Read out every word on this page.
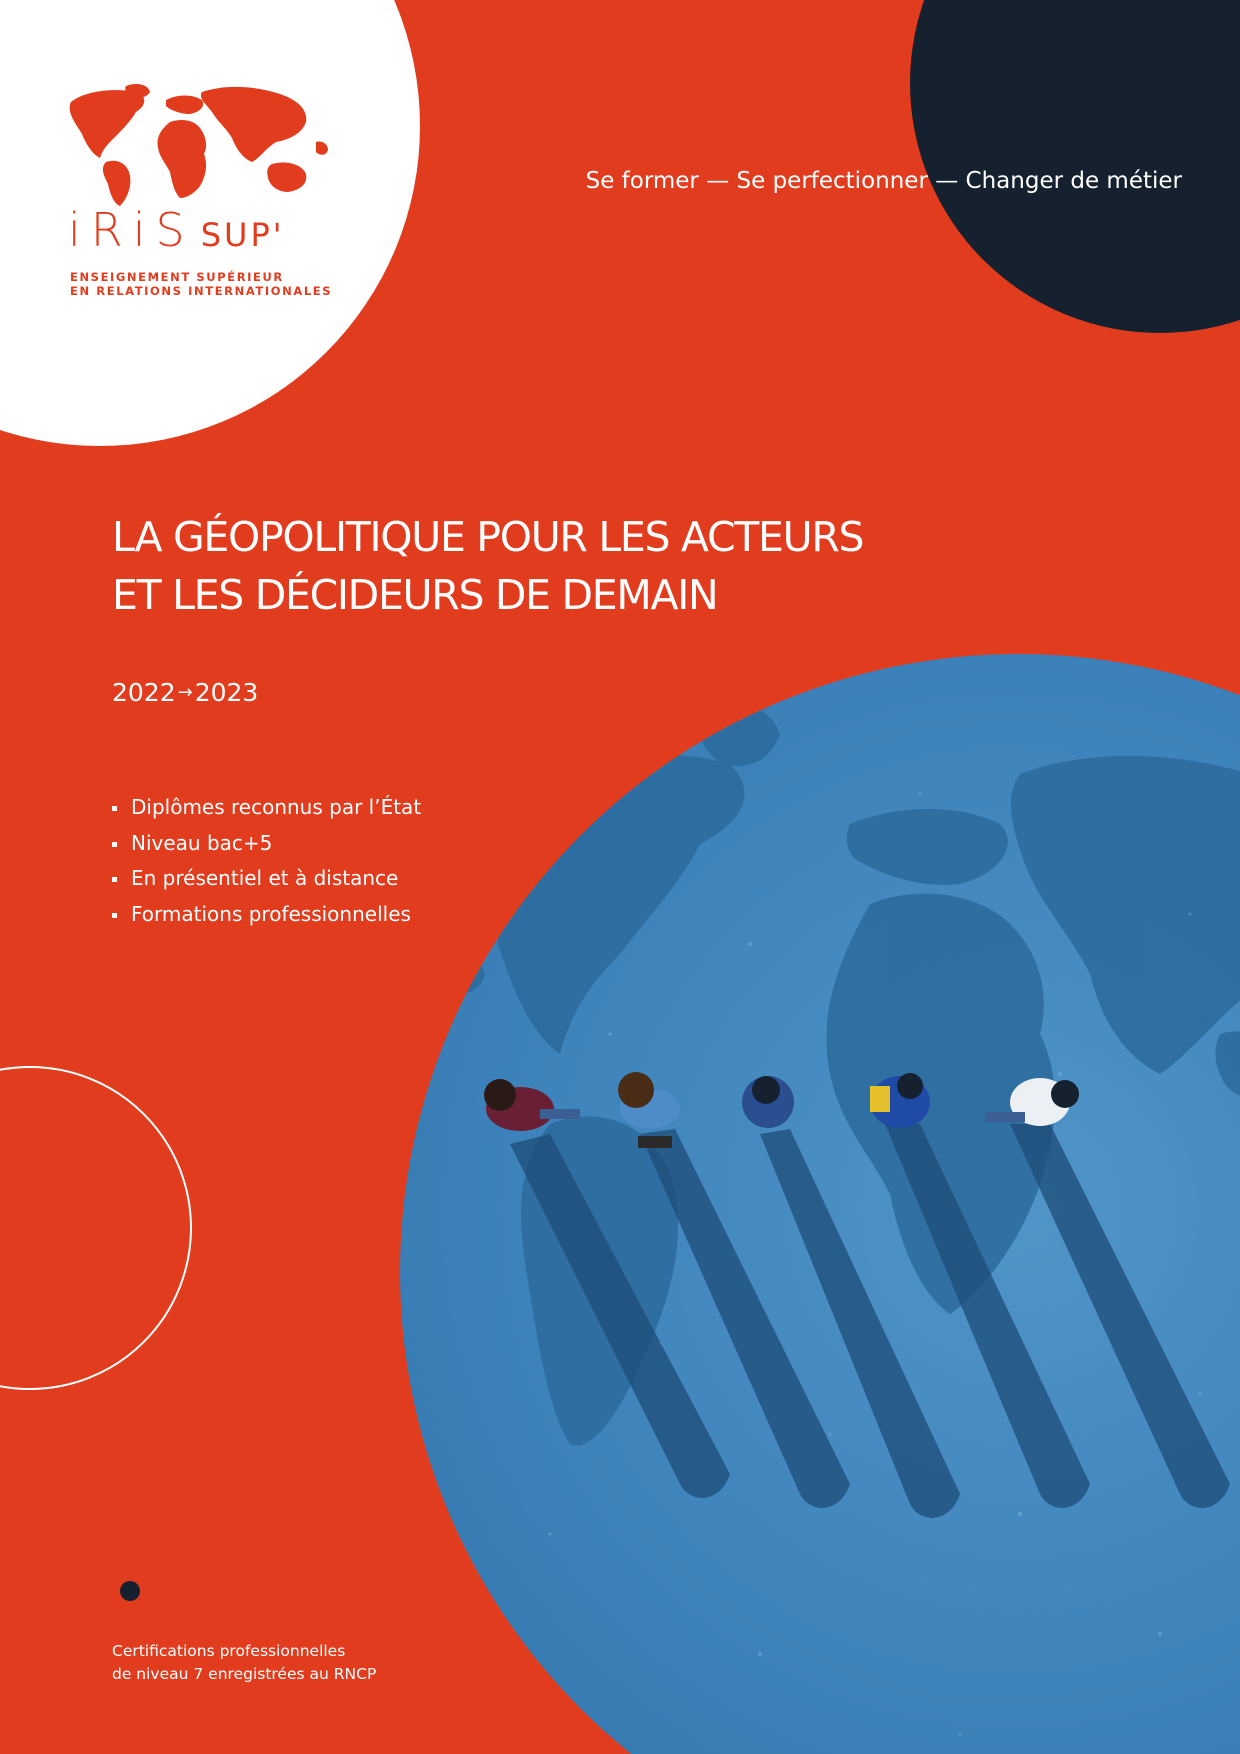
iRiS SUP'
ENSEIGNEMENT SUPÉRIEUR
EN RELATIONS INTERNATIONALES
Se former — Se perfectionner — Changer de métier
LA GÉOPOLITIQUE POUR LES ACTEURS
ET LES DÉCIDEURS DE DEMAIN
2022 →2023
Diplômes reconnus par l’État
Niveau bac+5
En présentiel et à distance
Formations professionnelles
Certifications professionnelles
de niveau 7 enregistrées au RNCP
